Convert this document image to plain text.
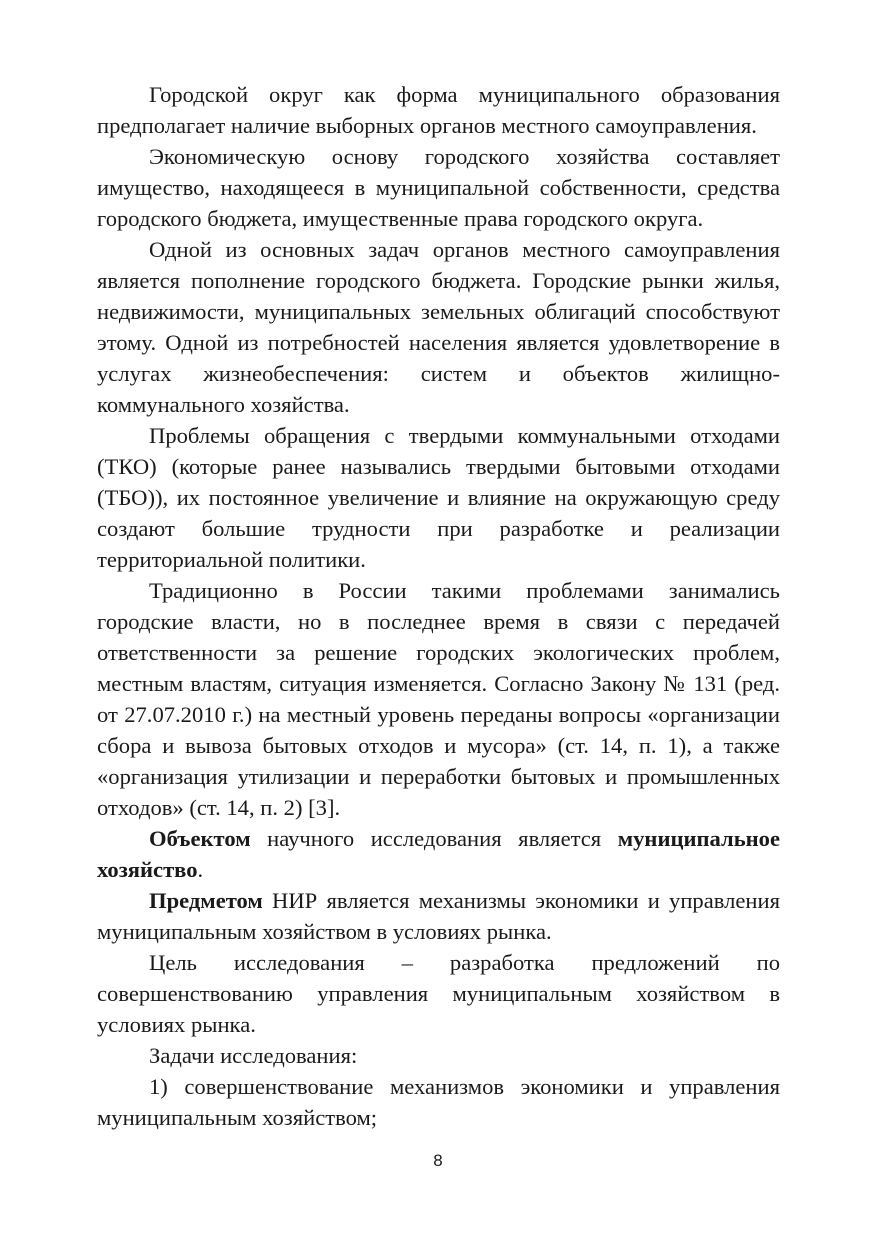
Городской округ как форма муниципального образования предполагает наличие выборных органов местного самоуправления.

Экономическую основу городского хозяйства составляет имущество, находящееся в муниципальной собственности, средства городского бюджета, имущественные права городского округа.

Одной из основных задач органов местного самоуправления является пополнение городского бюджета. Городские рынки жилья, недвижимости, муниципальных земельных облигаций способствуют этому. Одной из потребностей населения является удовлетворение в услугах жизнеобеспечения: систем и объектов жилищно-коммунального хозяйства.

Проблемы обращения с твердыми коммунальными отходами (ТКО) (которые ранее назывались твердыми бытовыми отходами (ТБО)), их постоянное увеличение и влияние на окружающую среду создают большие трудности при разработке и реализации территориальной политики.

Традиционно в России такими проблемами занимались городские власти, но в последнее время в связи с передачей ответственности за решение городских экологических проблем, местным властям, ситуация изменяется. Согласно Закону № 131 (ред. от 27.07.2010 г.) на местный уровень переданы вопросы «организации сбора и вывоза бытовых отходов и мусора» (ст. 14, п. 1), а также «организация утилизации и переработки бытовых и промышленных отходов» (ст. 14, п. 2) [3].

Объектом научного исследования является муниципальное хозяйство.

Предметом НИР является механизмы экономики и управления муниципальным хозяйством в условиях рынка.

Цель исследования – разработка предложений по совершенствованию управления муниципальным хозяйством в условиях рынка.

Задачи исследования:

1) совершенствование механизмов экономики и управления муниципальным хозяйством;

8
